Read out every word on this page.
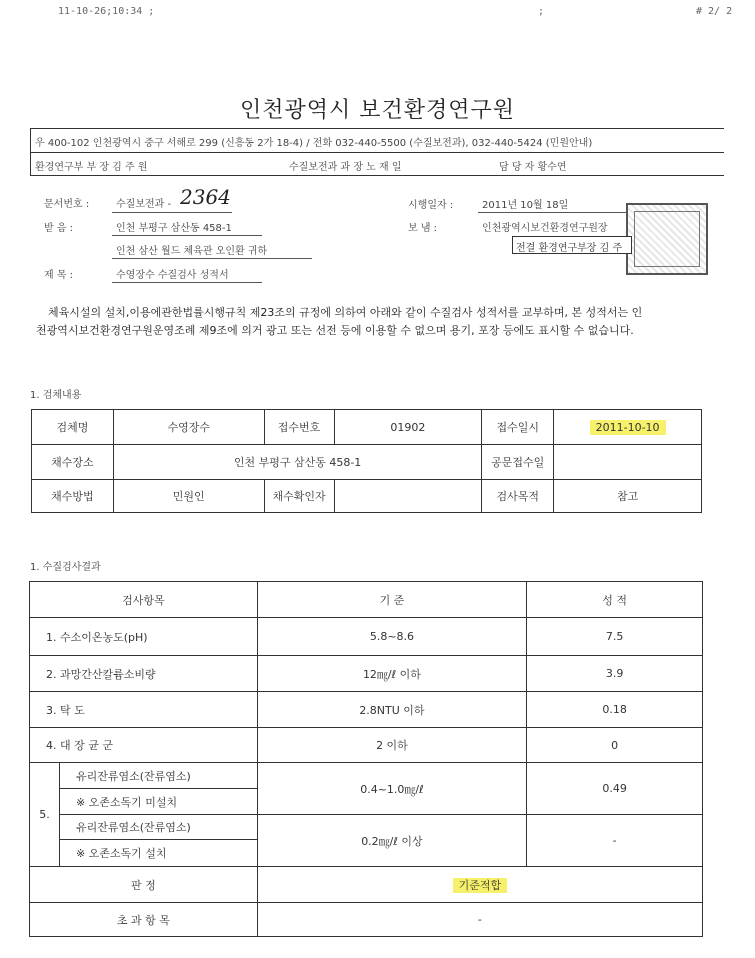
11-10-26;10:34 ;	;	# 2/ 2
인천광역시 보건환경연구원
우 400-102 인천광역시 중구 서해로 299 (신흥동 2가 18-4) / 전화 032-440-5500 (수질보전과), 032-440-5424 (민원안내)
환경연구부 부 장 김 주 원	수질보전과 과 장 노 재 일	담 당 자 황수연
문서번호 :	수질보전과 - 2364
받 음 :	인천 부평구 삼산동 458-1
인천 삼산 월드 체육관 오인환 귀하
제 목 :	수영장수 수질검사 성적서
시행일자 :	2011년 10월 18일
보 냄 :	인천광역시보건환경연구원장
전결 환경연구부장 김 주
체육시설의 설치,이용에관한법률시행규칙 제23조의 규정에 의하여 아래와 같이 수질검사 성적서를 교부하며, 본 성적서는 인
천광역시보건환경연구원운영조례 제9조에 의거 광고 또는 선전 등에 이용할 수 없으며 용기, 포장 등에도 표시할 수 없습니다.
1. 검체내용
검체명	수영장수	접수번호	01902	접수일시	2011-10-10
채수장소	인천 부평구 삼산동 458-1			공문접수일	
채수방법	민원인	채수확인자		검사목적	참고
1. 수질검사결과
검사항목		기 준	성 적
1. 수소이온농도(pH)		5.8~8.6	7.5
2. 과망간산칼륨소비량		12㎎/ℓ 이하	3.9
3. 탁 도		2.8NTU 이하	0.18
4. 대 장 균 군		2 이하	0
5.	유리잔류염소(잔류염소)	0.4~1.0㎎/ℓ	0.49
	※ 오존소독기 미설치		
	유리잔류염소(잔류염소)	0.2㎎/ℓ 이상	-
	※ 오존소독기 설치		
판 정		기준적합	
초 과 항 목		-	
